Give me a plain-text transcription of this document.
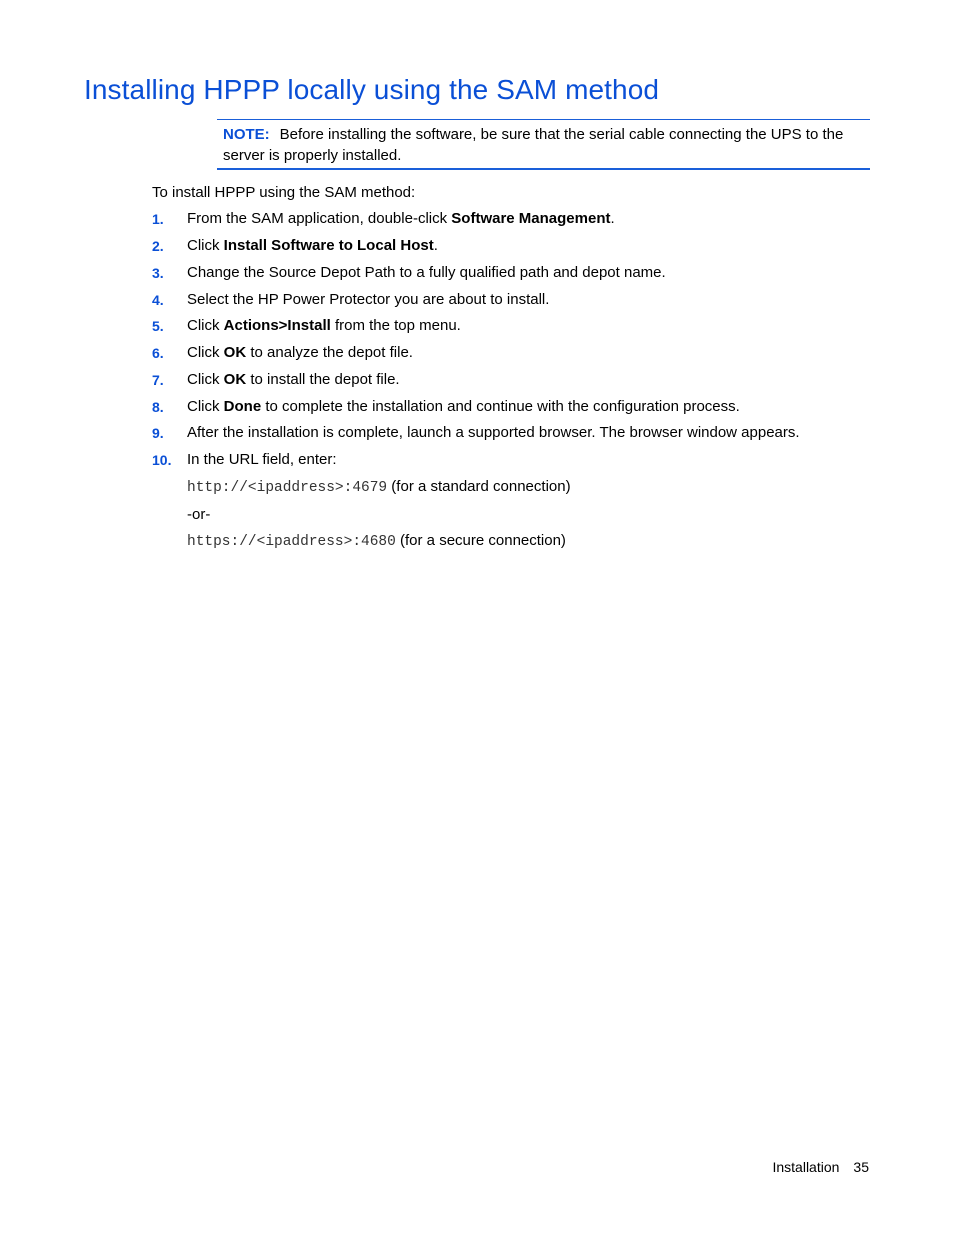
Installing HPPP locally using the SAM method
NOTE: Before installing the software, be sure that the serial cable connecting the UPS to the server is properly installed.
To install HPPP using the SAM method:
1. From the SAM application, double-click Software Management.
2. Click Install Software to Local Host.
3. Change the Source Depot Path to a fully qualified path and depot name.
4. Select the HP Power Protector you are about to install.
5. Click Actions>Install from the top menu.
6. Click OK to analyze the depot file.
7. Click OK to install the depot file.
8. Click Done to complete the installation and continue with the configuration process.
9. After the installation is complete, launch a supported browser. The browser window appears.
10. In the URL field, enter:
http://<ipaddress>:4679 (for a standard connection)
-or-
https://<ipaddress>:4680 (for a secure connection)
Installation 35
